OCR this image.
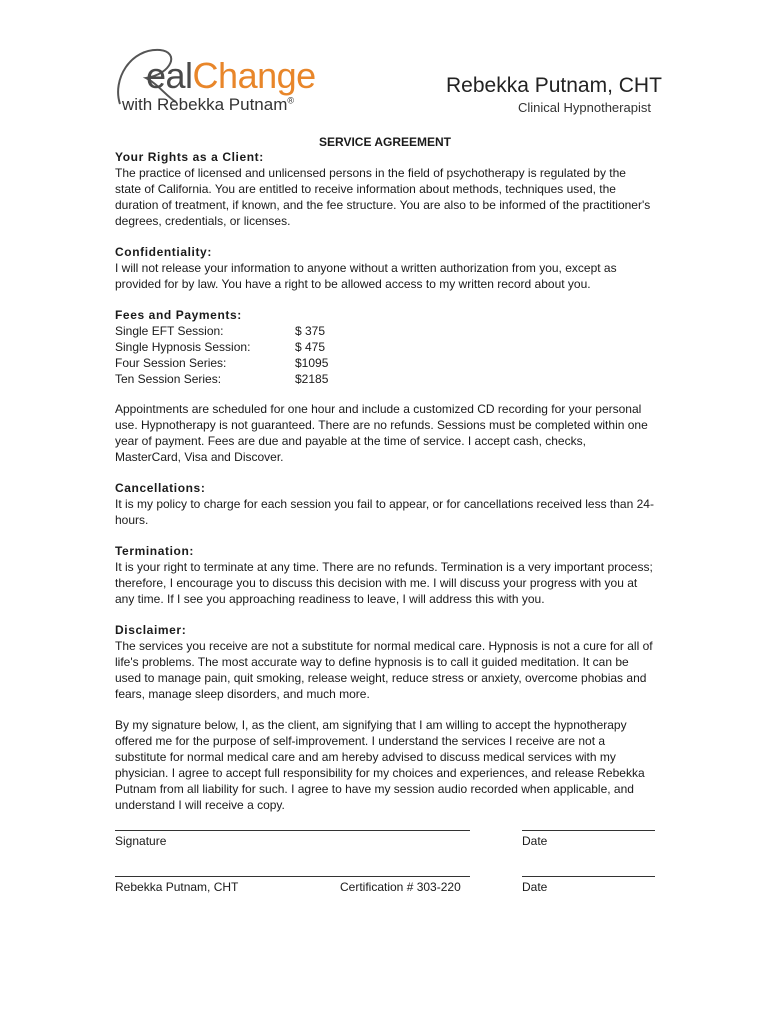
ealChange
with Rebekka Putnam®
Rebekka Putnam, CHT
Clinical Hypnotherapist
SERVICE AGREEMENT
Your Rights as a Client:

The practice of licensed and unlicensed persons in the field of psychotherapy is regulated by the state of California. You are entitled to receive information about methods, techniques used, the duration of treatment, if known, and the fee structure. You are also to be informed of the practitioner's degrees, credentials, or licenses.

Confidentiality:

I will not release your information to anyone without a written authorization from you, except as provided for by law. You have a right to be allowed access to my written record about you.

Fees and Payments:
Single EFT Session:	$ 375
Single Hypnosis Session:	$ 475
Four Session Series:	$1095
Ten Session Series:	$2185

Appointments are scheduled for one hour and include a customized CD recording for your personal use. Hypnotherapy is not guaranteed. There are no refunds. Sessions must be completed within one year of payment. Fees are due and payable at the time of service. I accept cash, checks, MasterCard, Visa and Discover.

Cancellations:

It is my policy to charge for each session you fail to appear, or for cancellations received less than 24-hours.

Termination:

It is your right to terminate at any time. There are no refunds. Termination is a very important process; therefore, I encourage you to discuss this decision with me. I will discuss your progress with you at any time. If I see you approaching readiness to leave, I will address this with you.

Disclaimer:

The services you receive are not a substitute for normal medical care. Hypnosis is not a cure for all of life's problems. The most accurate way to define hypnosis is to call it guided meditation. It can be used to manage pain, quit smoking, release weight, reduce stress or anxiety, overcome phobias and fears, manage sleep disorders, and much more.

By my signature below, I, as the client, am signifying that I am willing to accept the hypnotherapy offered me for the purpose of self-improvement. I understand the services I receive are not a substitute for normal medical care and am hereby advised to discuss medical services with my physician. I agree to accept full responsibility for my choices and experiences, and release Rebekka Putnam from all liability for such. I agree to have my session audio recorded when applicable, and understand I will receive a copy.

Signature	Date
Rebekka Putnam, CHT	Certification # 303-220	Date
